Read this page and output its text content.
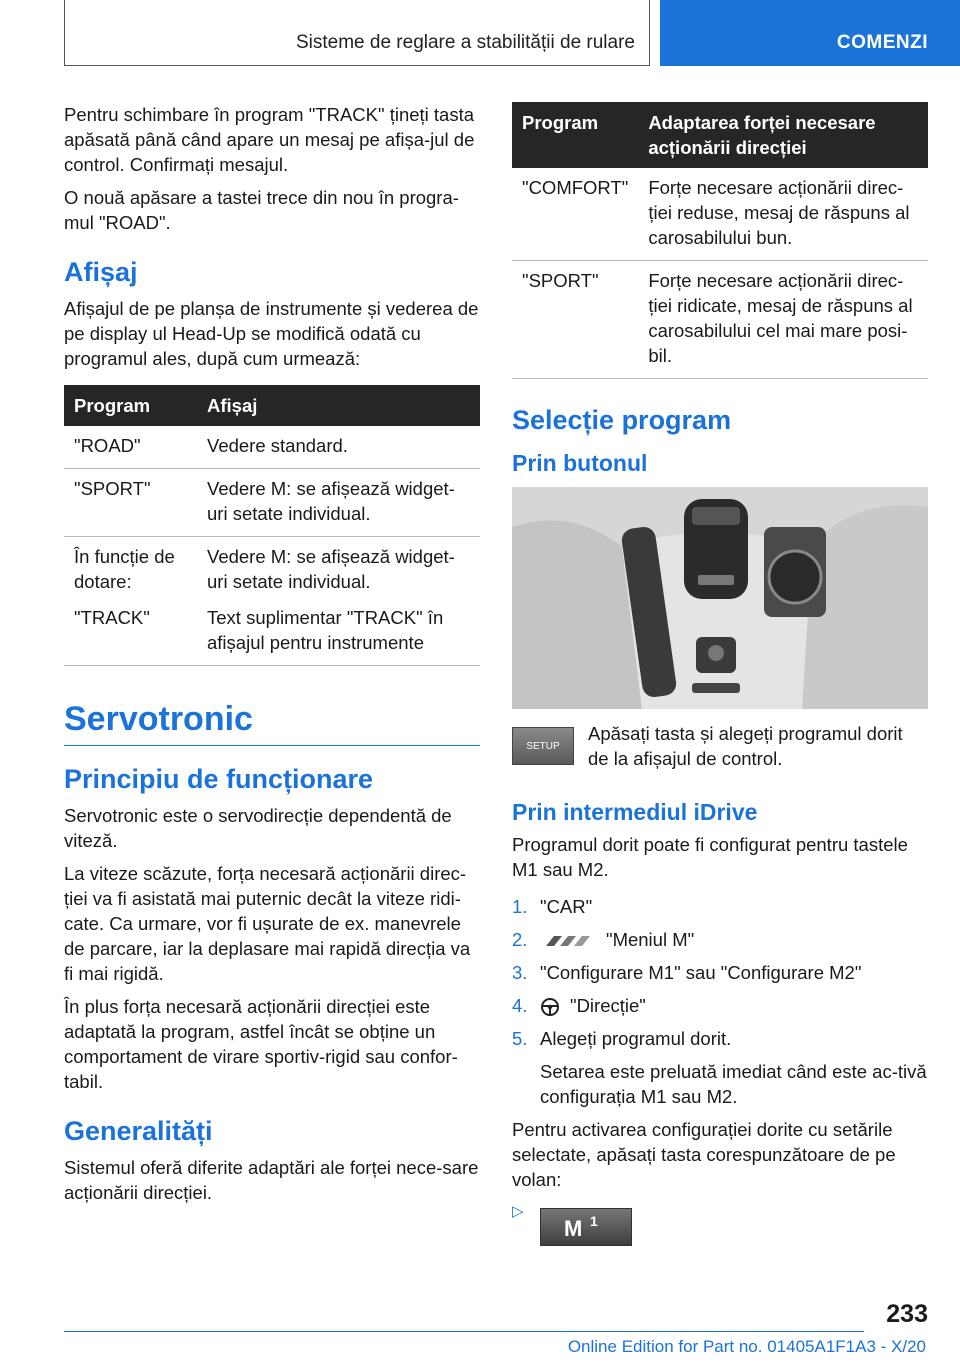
Sisteme de reglare a stabilității de rulare	COMENZI

Pentru schimbare în program "TRACK" țineți tasta apăsată până când apare un mesaj pe afișa-jul de control. Confirmați mesajul.

O nouă apăsare a tastei trece din nou în progra-mul "ROAD".

Afișaj

Afișajul de pe planșa de instrumente și vederea de pe display ul Head-Up se modifică odată cu programul ales, după cum urmează:

Program	Afișaj
"ROAD"	Vedere standard.
"SPORT"	Vedere M: se afișează widget-uri setate individual.
În funcție de dotare:	Vedere M: se afișează widget-uri setate individual.
"TRACK"	Text suplimentar "TRACK" în afișajul pentru instrumente
Servotronic
Principiu de funcționare

Servotronic este o servodirecție dependentă de viteză.

La viteze scăzute, forța necesară acționării direc-ției va fi asistată mai puternic decât la viteze ridi-cate. Ca urmare, vor fi ușurate de ex. manevrele de parcare, iar la deplasare mai rapidă direcția va fi mai rigidă.

În plus forța necesară acționării direcției este adaptată la program, astfel încât se obține un comportament de virare sportiv-rigid sau confor-tabil.

Generalități

Sistemul oferă diferite adaptări ale forței nece-sare acționării direcției.

Program	Adaptarea forței necesare acționării direcției
"COMFORT"	Forțe necesare acționării direc-ției reduse, mesaj de răspuns al carosabilului bun.
"SPORT"	Forțe necesare acționării direc-ției ridicate, mesaj de răspuns al carosabilului cel mai mare posi-bil.
Selecție program
Prin butonul
SETUP

Apăsați tasta și alegeți programul dorit de la afișajul de control.

Prin intermediul iDrive

Programul dorit poate fi configurat pentru tastele M1 sau M2.

1. "CAR"
2.	"Meniul M"
3. "Configurare M1" sau "Configurare M2"
4.	"Direcție"
5. Alegeți programul dorit.
Setarea este preluată imediat când este ac-tivă configurația M1 sau M2.

Pentru activarea configurației dorite cu setările selectate, apăsați tasta corespunzătoare de pe volan:

▷
M 1
233
Online Edition for Part no. 01405A1F1A3 - X/20
